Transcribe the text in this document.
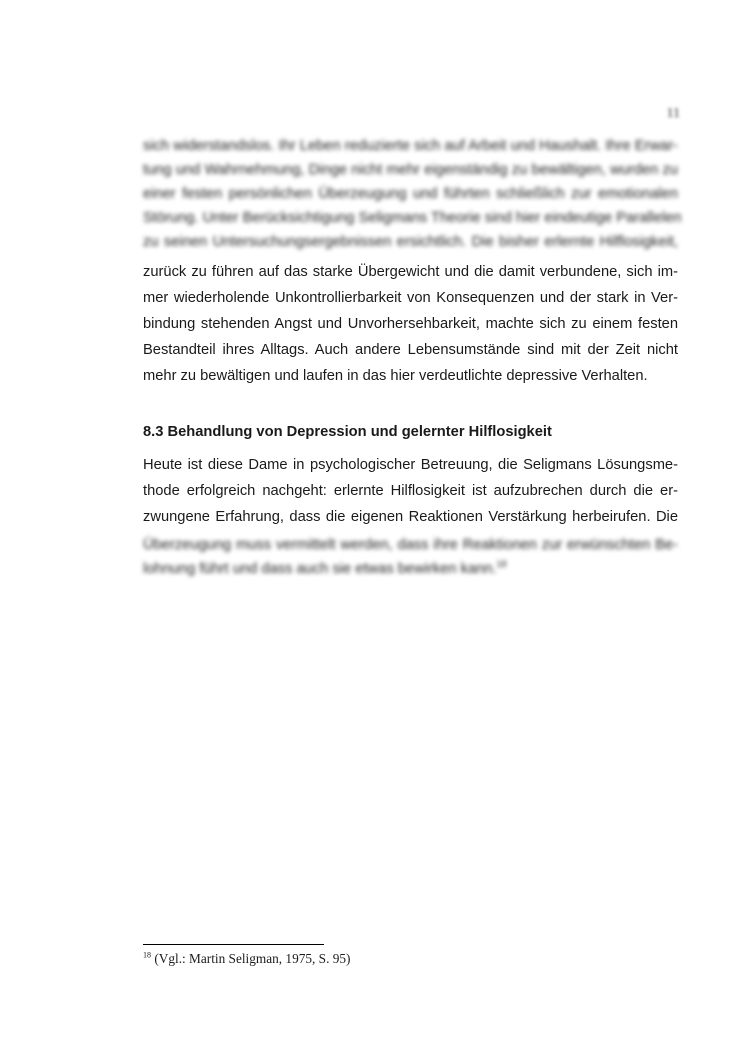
11
sich widerstandslos. Ihr Leben reduzierte sich auf Arbeit und Haushalt. Ihre Erwar-
tung und Wahrnehmung, Dinge nicht mehr eigenständig zu bewältigen, wurden zu
einer festen persönlichen Überzeugung und führten schließlich zur emotionalen
Störung. Unter Berücksichtigung Seligmans Theorie sind hier eindeutige Parallelen
zu seinen Untersuchungsergebnissen ersichtlich. Die bisher erlernte Hilflosigkeit,
zurück zu führen auf das starke Übergewicht und die damit verbundene, sich im-
mer wiederholende Unkontrollierbarkeit von Konsequenzen und der stark in Ver-
bindung stehenden Angst und Unvorhersehbarkeit, machte sich zu einem festen
Bestandteil ihres Alltags. Auch andere Lebensumstände sind mit der Zeit nicht
mehr zu bewältigen und laufen in das hier verdeutlichte depressive Verhalten.
8.3 Behandlung von Depression und gelernter Hilflosigkeit
Heute ist diese Dame in psychologischer Betreuung, die Seligmans Lösungsme-
thode erfolgreich nachgeht: erlernte Hilflosigkeit ist aufzubrechen durch die er-
zwungene Erfahrung, dass die eigenen Reaktionen Verstärkung herbeirufen. Die
Überzeugung muss vermittelt werden, dass ihre Reaktionen zur erwünschten Be-
lohnung führt und dass auch sie etwas bewirken kann.$^{18}$
$^{18}$ (Vgl.: Martin Seligman, 1975, S. 95)
